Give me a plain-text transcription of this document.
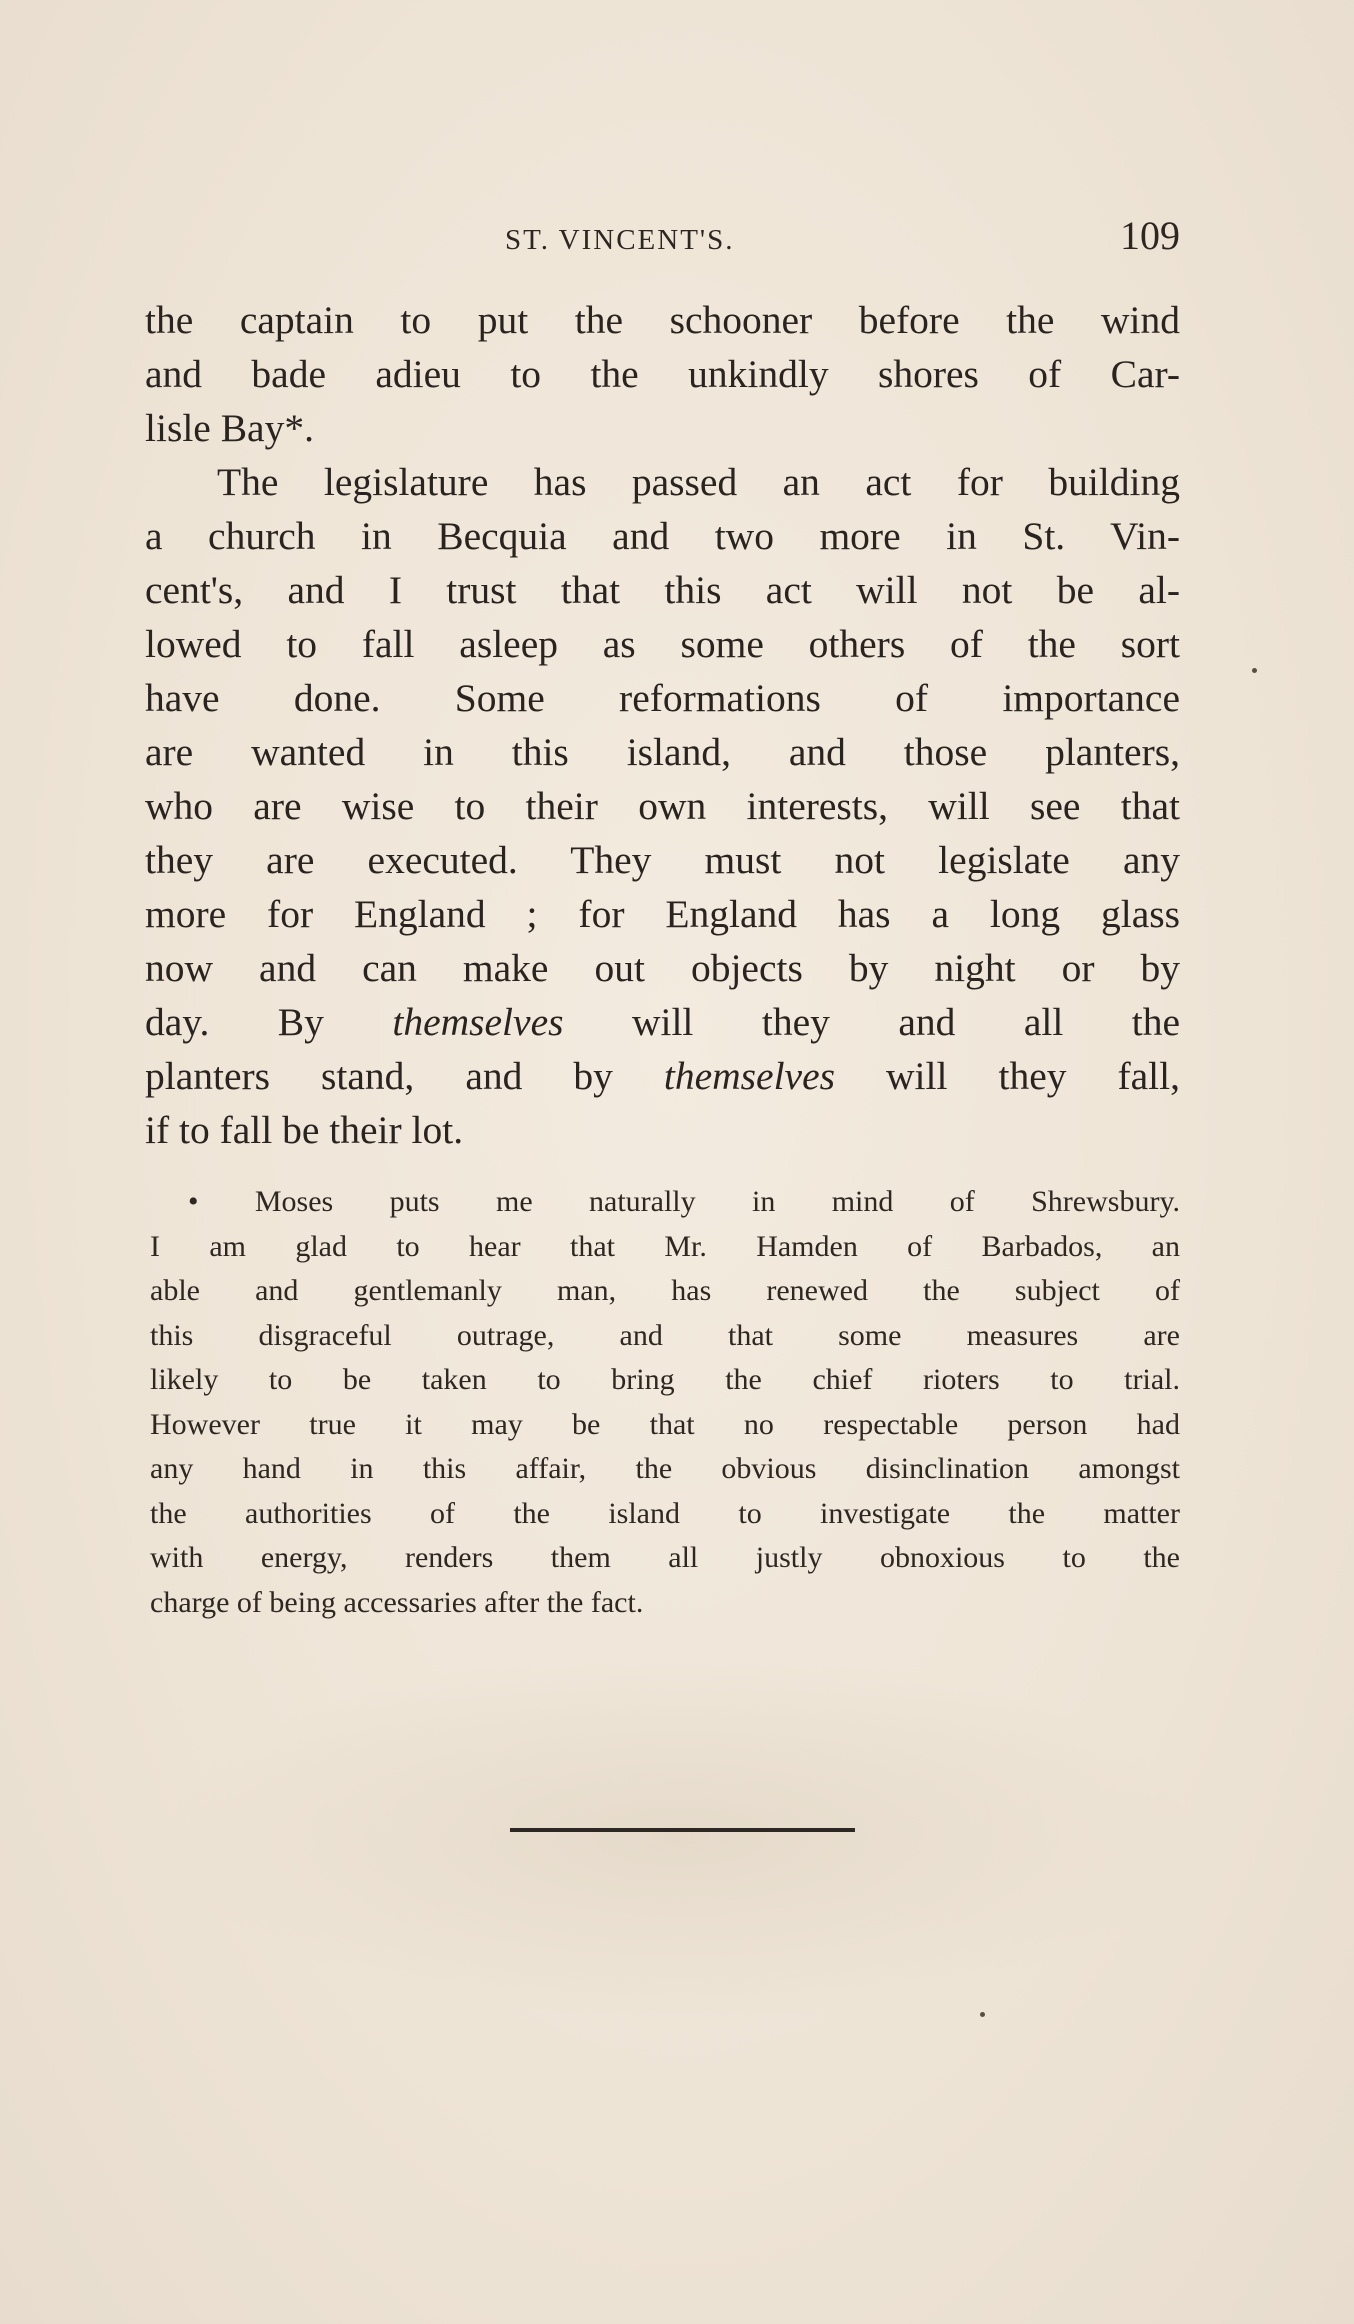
ST. VINCENT'S.	109
the captain to put the schooner before the wind
and bade adieu to the unkindly shores of Car-
lisle Bay*.
The legislature has passed an act for building
a church in Becquia and two more in St. Vin-
cent's, and I trust that this act will not be al-
lowed to fall asleep as some others of the sort
have done. Some reformations of importance
are wanted in this island, and those planters,
who are wise to their own interests, will see that
they are executed. They must not legislate any
more for England ; for England has a long glass
now and can make out objects by night or by
day. By themselves will they and all the
planters stand, and by themselves will they fall,
if to fall be their lot.
• Moses puts me naturally in mind of Shrewsbury.
I am glad to hear that Mr. Hamden of Barbados, an
able and gentlemanly man, has renewed the subject of
this disgraceful outrage, and that some measures are
likely to be taken to bring the chief rioters to trial.
However true it may be that no respectable person had
any hand in this affair, the obvious disinclination amongst
the authorities of the island to investigate the matter
with energy, renders them all justly obnoxious to the
charge of being accessaries after the fact.
